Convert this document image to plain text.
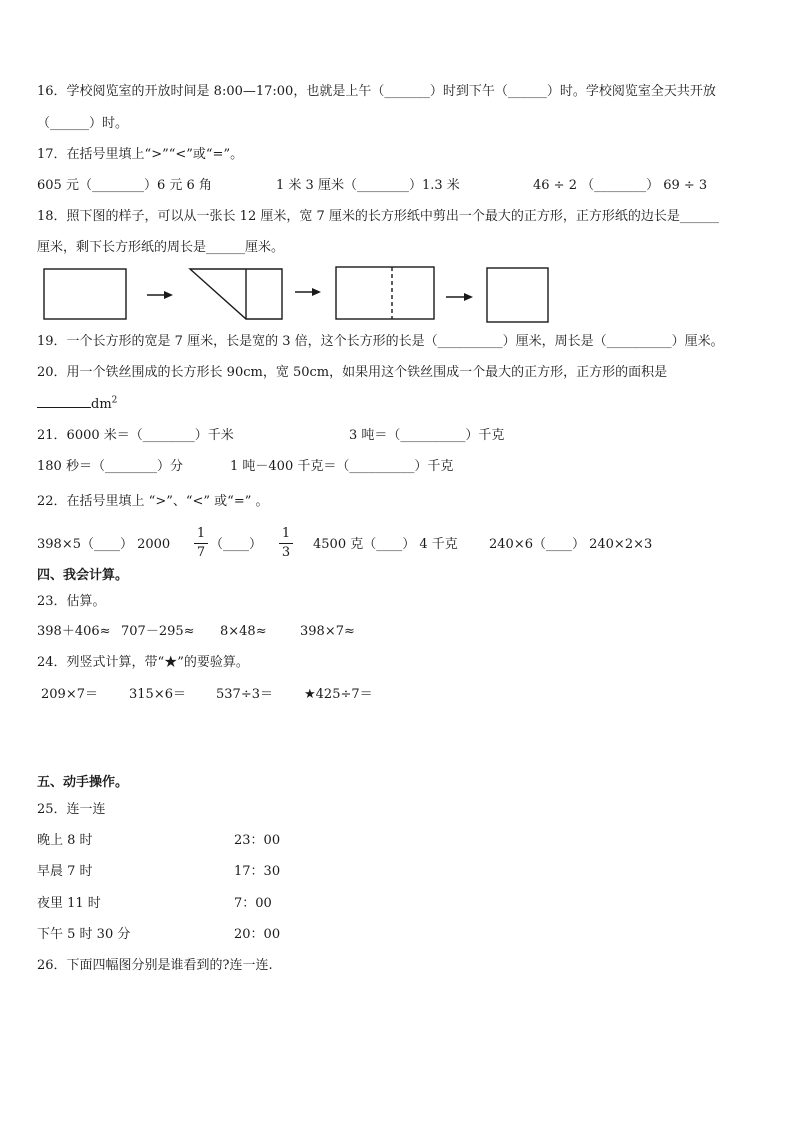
16．学校阅览室的开放时间是 8:00—17:00，也就是上午（_______）时到下午（______）时。学校阅览室全天共开放
（______）时。
17．在括号里填上“>”“<”或“=”。
605 元（________）6 元 6 角	1 米 3 厘米（________）1.3 米	46 ÷ 2 （________） 69 ÷ 3
18．照下图的样子，可以从一张长 12 厘米，宽 7 厘米的长方形纸中剪出一个最大的正方形，正方形纸的边长是______
厘米，剩下长方形纸的周长是______厘米。
19．一个长方形的宽是 7 厘米，长是宽的 3 倍，这个长方形的长是（__________）厘米，周长是（__________）厘米。
20．用一个铁丝围成的长方形长 90cm，宽 50cm，如果用这个铁丝围成一个最大的正方形，正方形的面积是
$dm^2$
21．6000 米＝（________）千米	3 吨＝（__________）千克
180 秒＝（________）分	1 吨－400 千克＝（__________）千克
22．在括号里填上 “>”、“<” 或“=” 。
398×5（____） $2000 \frac{1}{7}$ （____） $\frac{1}{3} 4500$ 克（____） 4 千克 240×6（____） 240×2×3
四、我会计算。
23．估算。
398＋406≈ 707－295≈ 8×48≈	398×7≈
24．列竖式计算，带“★”的要验算。
209×7＝ 315×6＝ 537÷3＝ ★425÷7＝
五、动手操作。
25．连一连
晚上 8 时	23：00
早晨 7 时	17：30
夜里 11 时	7：00
下午 5 时 30 分	20：00
26．下面四幅图分别是谁看到的?连一连.
